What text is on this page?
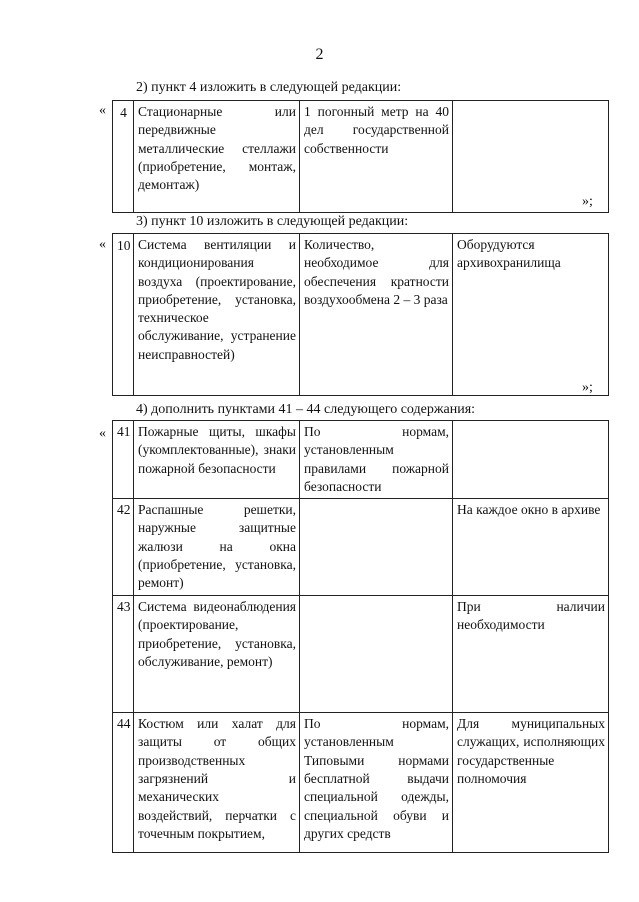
2
2) пункт 4 изложить в следующей редакции:
« 4	Стационарные или передвижные металлические стеллажи (приобретение, монтаж, демонтаж)	1 погонный метр на 40 дел государственной собственности	
»;
3) пункт 10 изложить в следующей редакции:
« 10	Система вентиляции и кондиционирования воздуха (проектирование, приобретение, установка, техническое обслуживание, устранение неисправностей)	Количество, необходимое для обеспечения кратности воздухообмена 2 – 3 раза	Оборудуются архивохранилища
»;
4) дополнить пунктами 41 – 44 следующего содержания:
« 41	Пожарные щиты, шкафы (укомплектованные), знаки пожарной безопасности	По нормам, установленным правилами пожарной безопасности	
42	Распашные решетки, наружные защитные жалюзи на окна (приобретение, установка, ремонт)		На каждое окно в архиве
43	Система видеонаблюдения (проектирование, приобретение, установка, обслуживание, ремонт)		При наличии необходимости
44	Костюм или халат для защиты от общих производственных загрязнений и механических воздействий, перчатки с точечным покрытием,	По нормам, установленным Типовыми нормами бесплатной выдачи специальной одежды, специальной обуви и других средств	Для муниципальных служащих, исполняющих государственные полномочия
